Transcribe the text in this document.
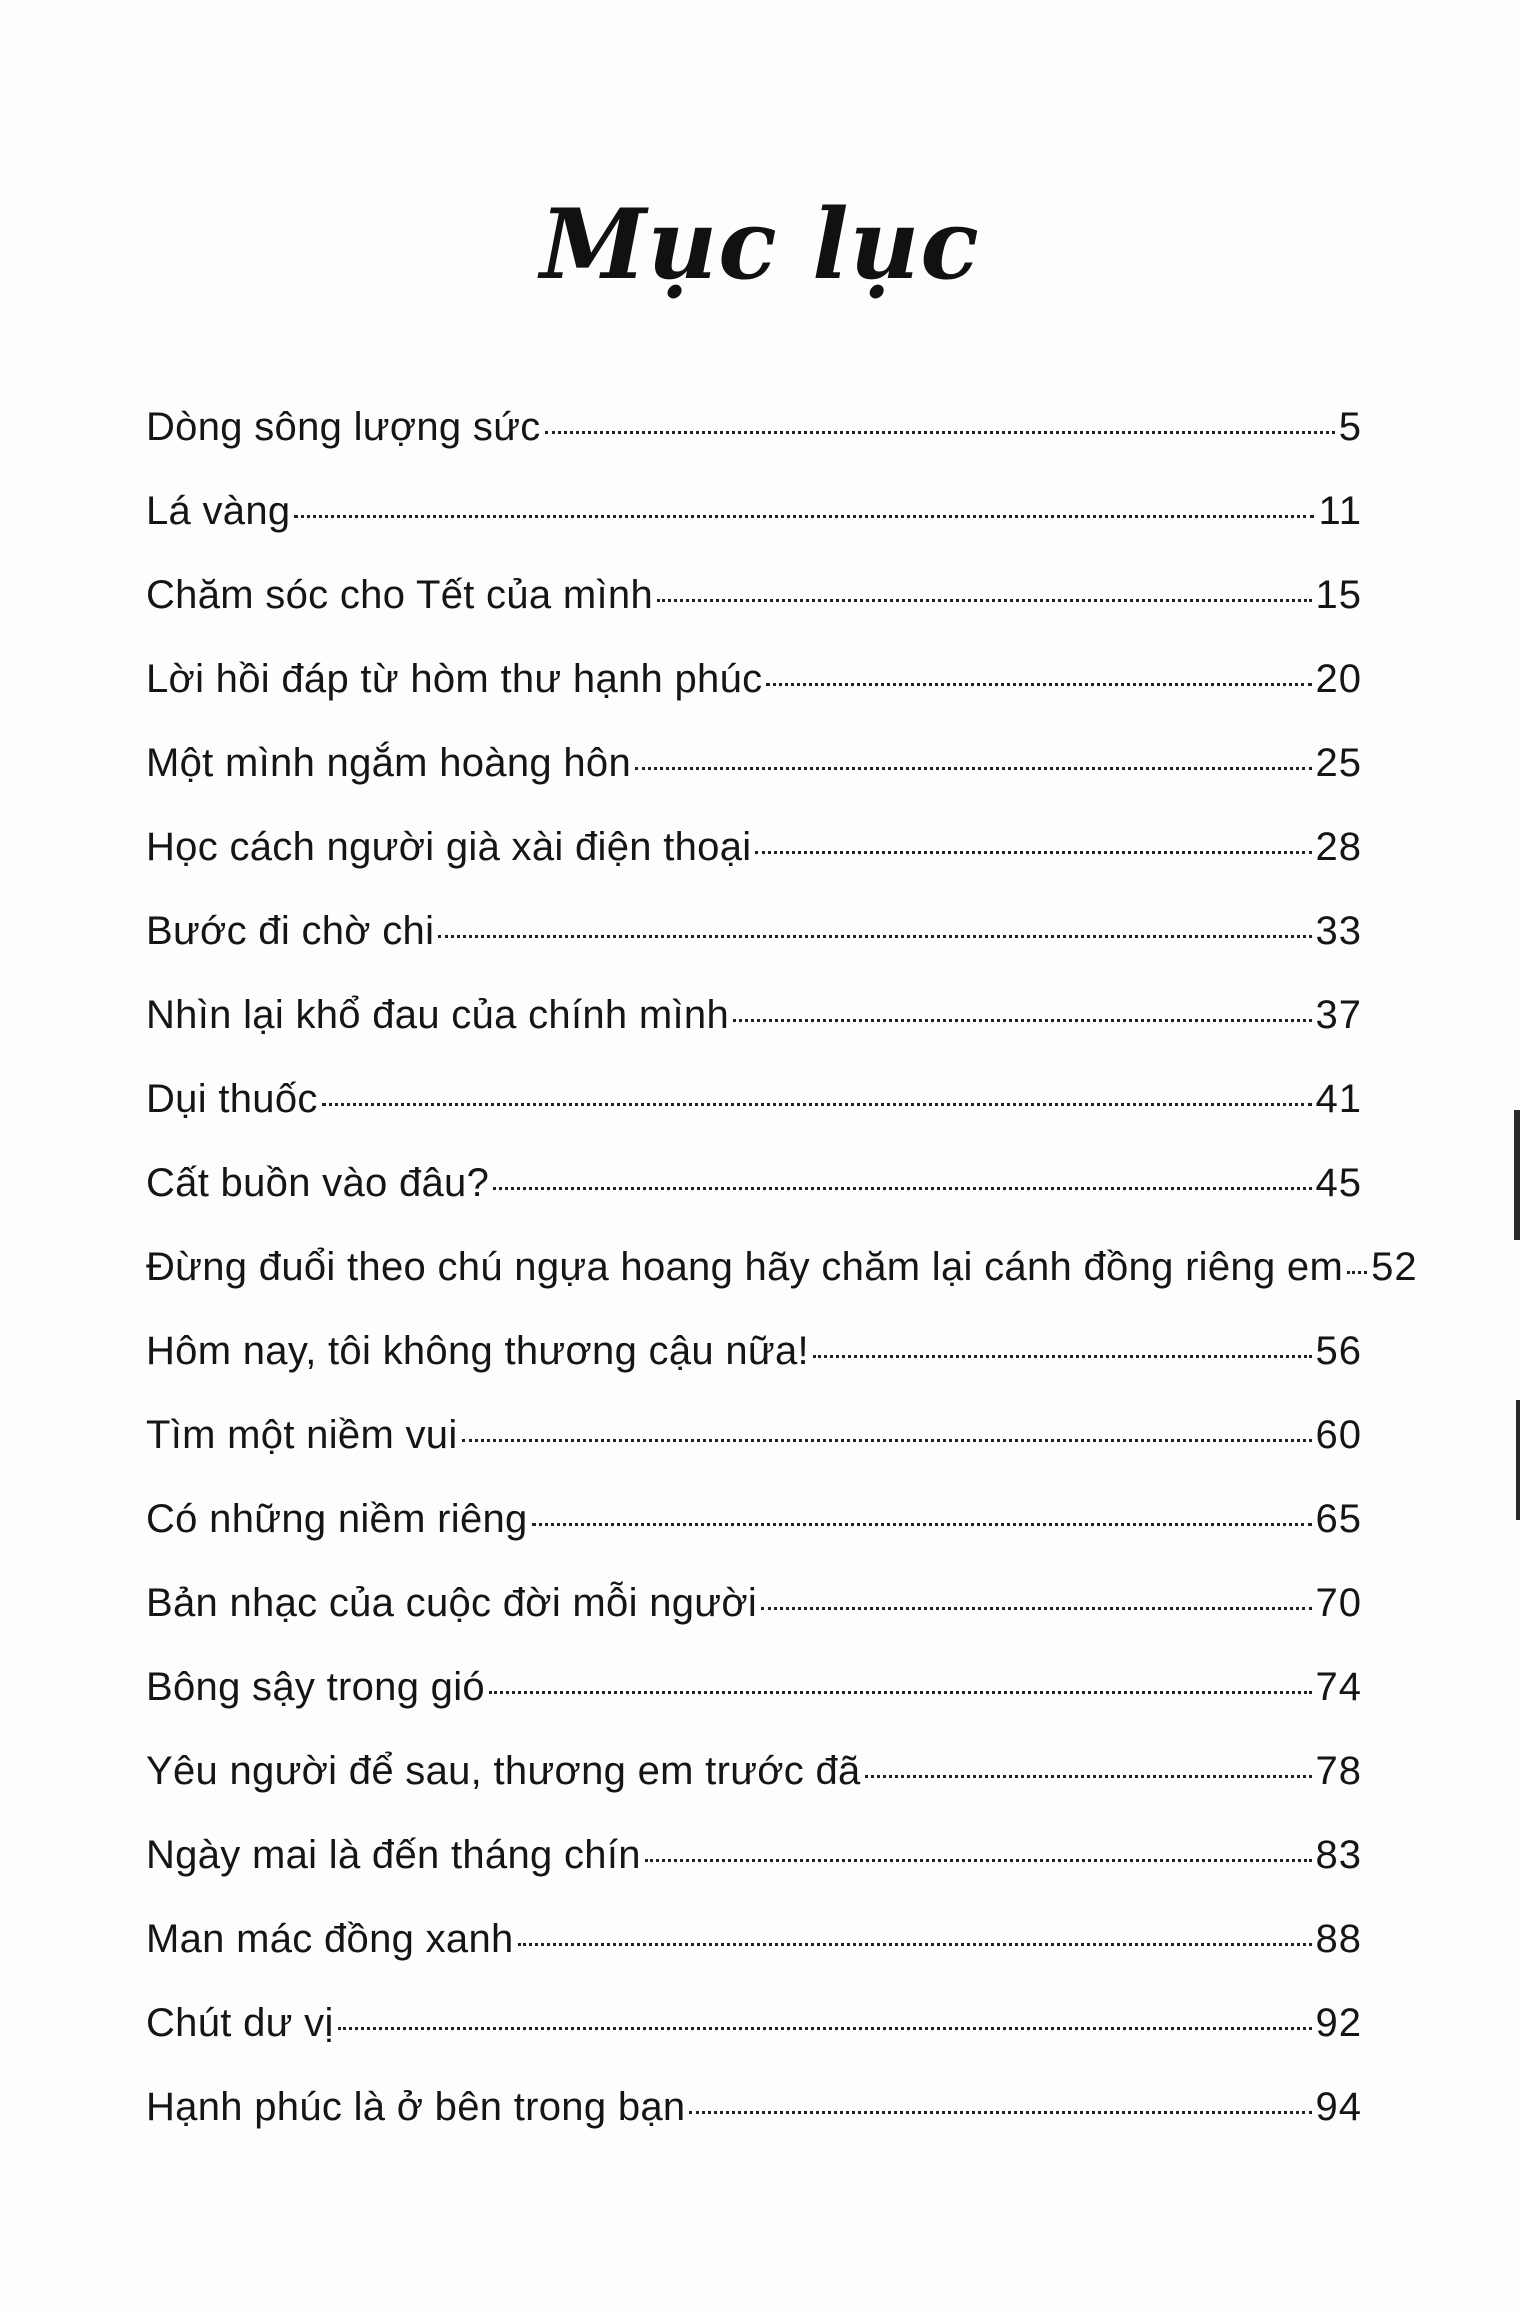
Mục lục
Dòng sông lượng sức	5
Lá vàng	11
Chăm sóc cho Tết của mình	15
Lời hồi đáp từ hòm thư hạnh phúc	20
Một mình ngắm hoàng hôn	25
Học cách người già xài điện thoại	28
Bước đi chờ chi	33
Nhìn lại khổ đau của chính mình	37
Dụi thuốc	41
Cất buồn vào đâu?	45
Đừng đuổi theo chú ngựa hoang hãy chăm lại cánh đồng riêng em 52
Hôm nay, tôi không thương cậu nữa!	56
Tìm một niềm vui	60
Có những niềm riêng	65
Bản nhạc của cuộc đời mỗi người	70
Bông sậy trong gió	74
Yêu người để sau, thương em trước đã	78
Ngày mai là đến tháng chín	83
Man mác đồng xanh	88
Chút dư vị	92
Hạnh phúc là ở bên trong bạn	94
